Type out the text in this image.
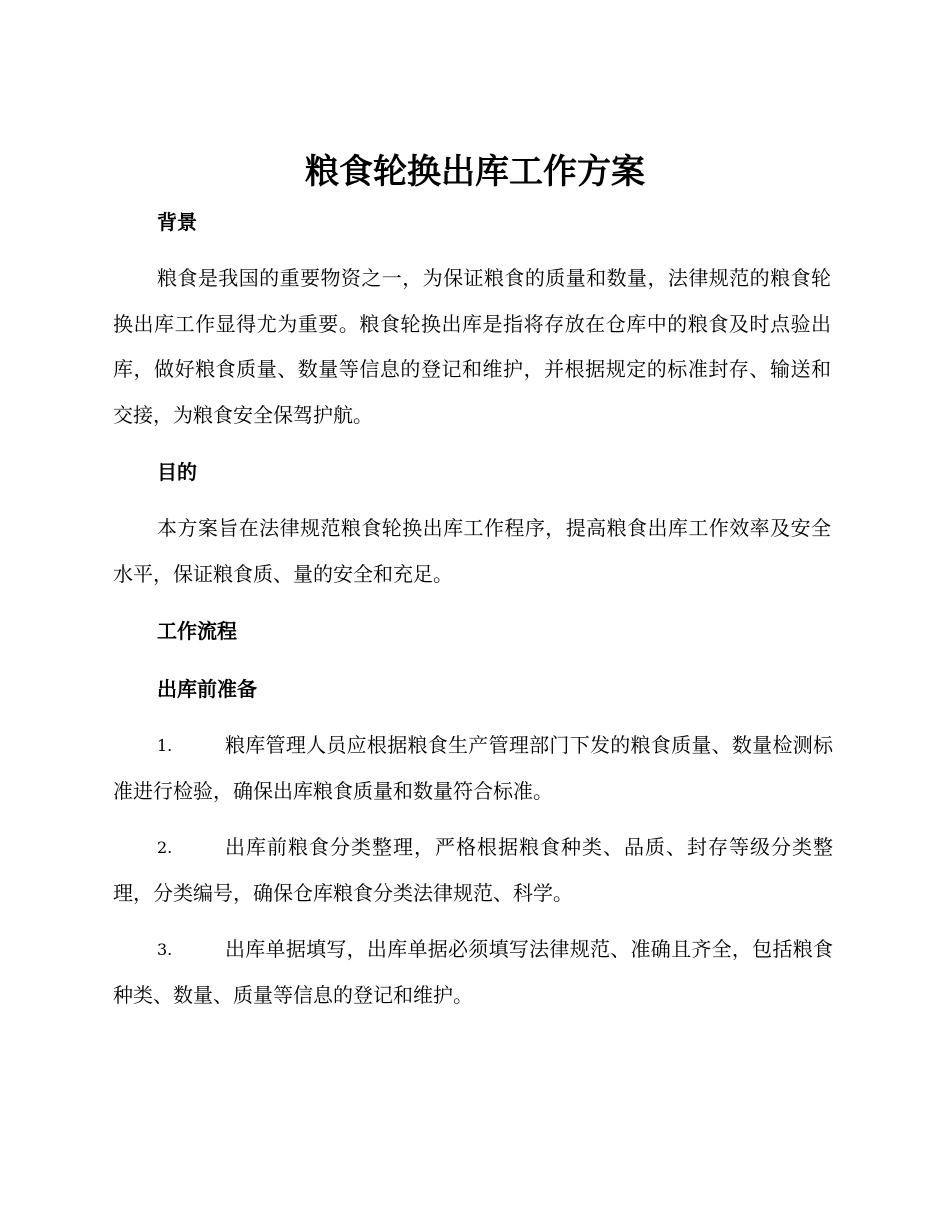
粮食轮换出库工作方案
背景
粮食是我国的重要物资之一，为保证粮食的质量和数量，法律规范的粮食轮换出库工作显得尤为重要。粮食轮换出库是指将存放在仓库中的粮食及时点验出库，做好粮食质量、数量等信息的登记和维护，并根据规定的标准封存、输送和交接，为粮食安全保驾护航。
目的
本方案旨在法律规范粮食轮换出库工作程序，提高粮食出库工作效率及安全水平，保证粮食质、量的安全和充足。
工作流程
出库前准备
1.	粮库管理人员应根据粮食生产管理部门下发的粮食质量、数量检测标准进行检验，确保出库粮食质量和数量符合标准。
2.	出库前粮食分类整理，严格根据粮食种类、品质、封存等级分类整理，分类编号，确保仓库粮食分类法律规范、科学。
3.	出库单据填写，出库单据必须填写法律规范、准确且齐全，包括粮食种类、数量、质量等信息的登记和维护。
